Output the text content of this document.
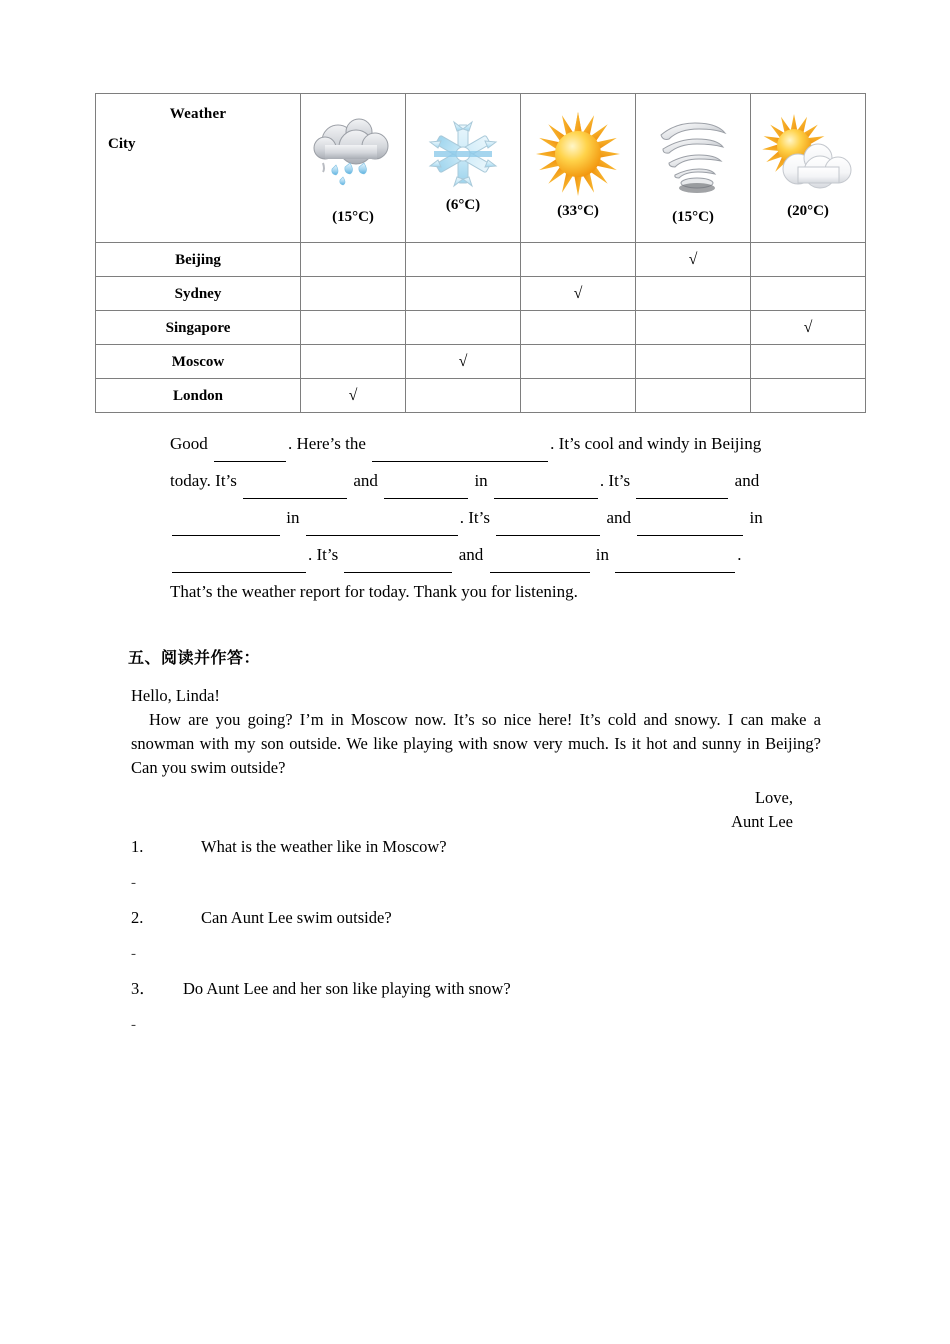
Weather
City	(15°C)	(6°C)	(33°C)	(15°C)	(20°C)

Beijing				√	
Sydney			√		
Singapore					√
Moscow		√			
London	√				
Good	. Here’s the	. It’s cool and windy in Beijing
today. It’s	and	in	. It’s	and
in	. It’s	and	in
. It’s	and	in	.
That’s the weather report for today. Thank you for listening.
五、阅读并作答：
Hello, Linda!
How are you going? I’m in Moscow now. It’s so nice here! It’s cold and snowy. I can make a snowman with my son outside. We like playing with snow very much. Is it hot and sunny in Beijing? Can you swim outside?
Love,
Aunt Lee
1.	What is the weather like in Moscow?
-
2.	Can Aunt Lee swim outside?
-
3． Do Aunt Lee and her son like playing with snow?
-
